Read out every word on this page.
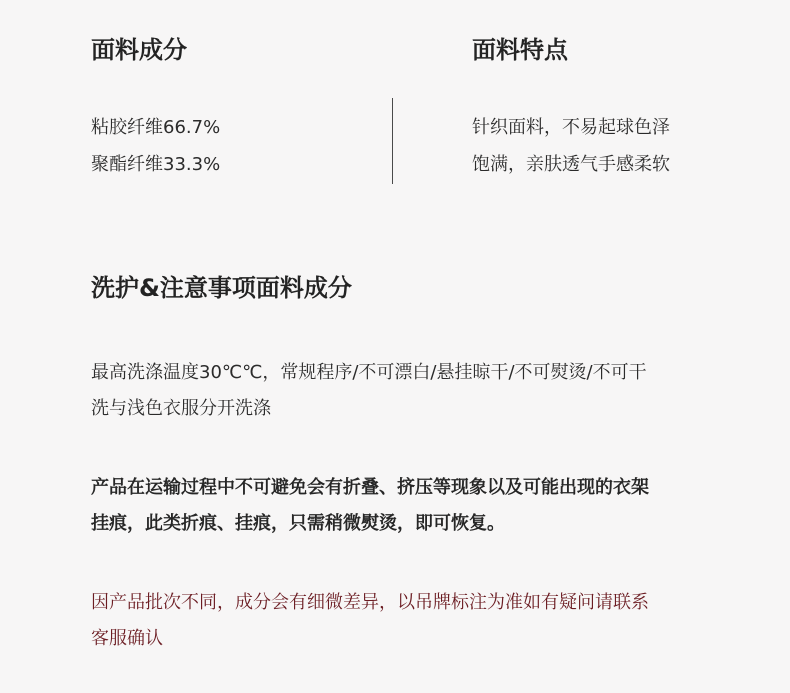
面料成分	面料特点

粘胶纤维66.7%

聚酯纤维33.3%

针织面料，不易起球色泽

饱满，亲肤透气手感柔软

洗护&注意事项面料成分

最高洗涤温度30℃℃，常规程序/不可漂白/悬挂晾干/不可熨烫/不可干
洗与浅色衣服分开洗涤

产品在运输过程中不可避免会有折叠、挤压等现象以及可能出现的衣架
挂痕，此类折痕、挂痕，只需稍微熨烫，即可恢复。

因产品批次不同，成分会有细微差异，以吊牌标注为准如有疑问请联系
客服确认
